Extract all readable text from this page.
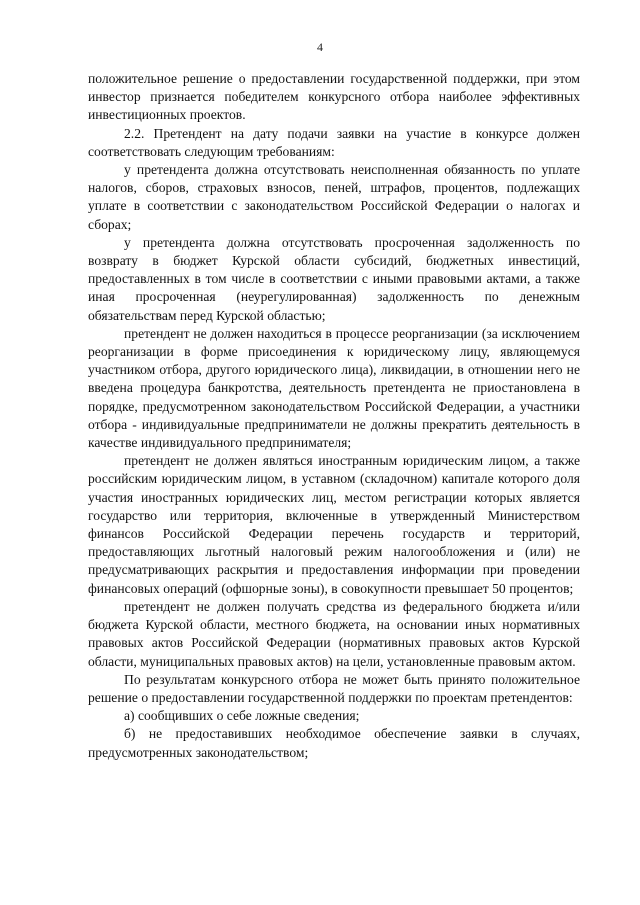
4

положительное решение о предоставлении государственной поддержки, при этом инвестор признается победителем конкурсного отбора наиболее эффективных инвестиционных проектов.

2.2. Претендент на дату подачи заявки на участие в конкурсе должен соответствовать следующим требованиям:

у претендента должна отсутствовать неисполненная обязанность по уплате налогов, сборов, страховых взносов, пеней, штрафов, процентов, подлежащих уплате в соответствии с законодательством Российской Федерации о налогах и сборах;

у претендента должна отсутствовать просроченная задолженность по возврату в бюджет Курской области субсидий, бюджетных инвестиций, предоставленных в том числе в соответствии с иными правовыми актами, а также иная просроченная (неурегулированная) задолженность по денежным обязательствам перед Курской областью;

претендент не должен находиться в процессе реорганизации (за исключением реорганизации в форме присоединения к юридическому лицу, являющемуся участником отбора, другого юридического лица), ликвидации, в отношении него не введена процедура банкротства, деятельность претендента не приостановлена в порядке, предусмотренном законодательством Российской Федерации, а участники отбора - индивидуальные предприниматели не должны прекратить деятельность в качестве индивидуального предпринимателя;

претендент не должен являться иностранным юридическим лицом, а также российским юридическим лицом, в уставном (складочном) капитале которого доля участия иностранных юридических лиц, местом регистрации которых является государство или территория, включенные в утвержденный Министерством финансов Российской Федерации перечень государств и территорий, предоставляющих льготный налоговый режим налогообложения и (или) не предусматривающих раскрытия и предоставления информации при проведении финансовых операций (офшорные зоны), в совокупности превышает 50 процентов;

претендент не должен получать средства из федерального бюджета и/или бюджета Курской области, местного бюджета, на основании иных нормативных правовых актов Российской Федерации (нормативных правовых актов Курской области, муниципальных правовых актов) на цели, установленные правовым актом.

По результатам конкурсного отбора не может быть принято положительное решение о предоставлении государственной поддержки по проектам претендентов:

а) сообщивших о себе ложные сведения;

б) не предоставивших необходимое обеспечение заявки в случаях, предусмотренных законодательством;
